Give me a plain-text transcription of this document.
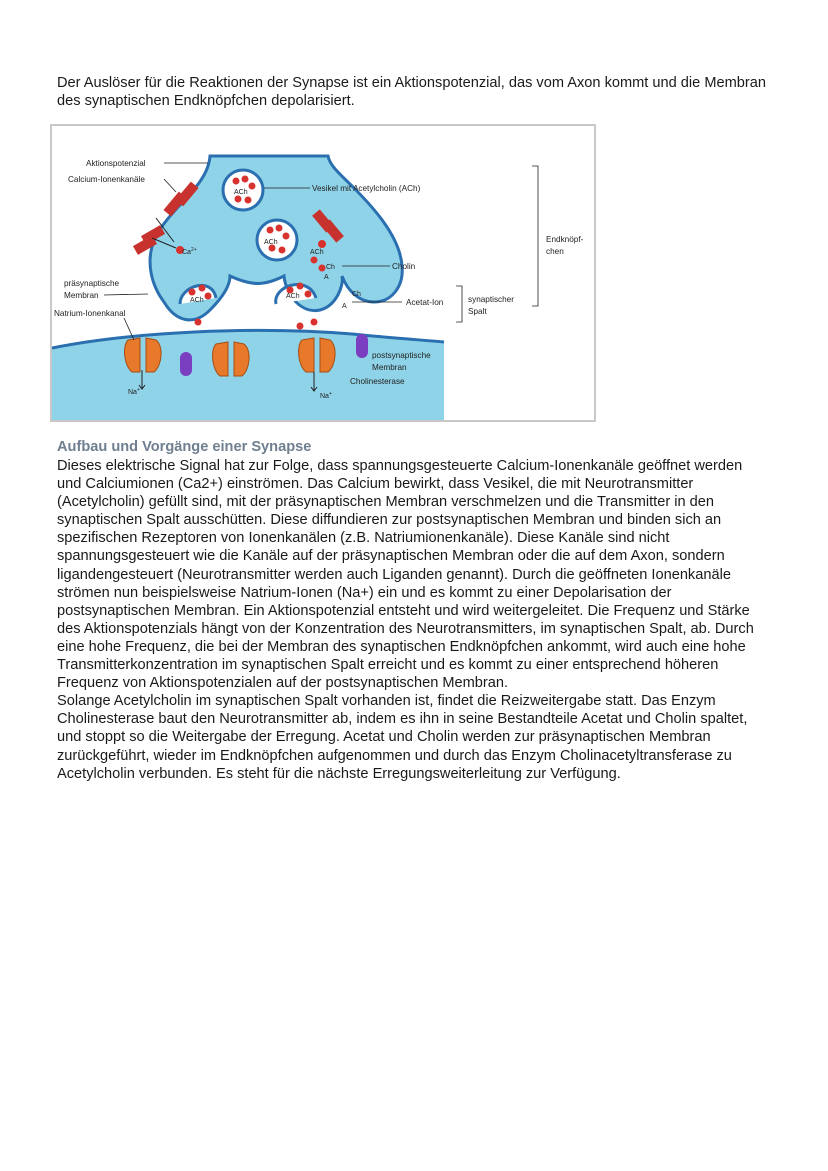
Der Auslöser für die Reaktionen der Synapse ist ein Aktionspotenzial, das vom Axon kommt und die Membran des synaptischen Endknöpfchen depolarisiert.

ACh
ACh
ACh
ACh
ACh
Ch
A
Ch
A
$Ca^{2+}$
Na+
Na+
Aktionspotenzial
Calcium-Ionenkanäle
Vesikel mit Acetylcholin (ACh)
Endknöpf-
chen
Cholin
präsynaptische
Membran
Acetat-Ion	synaptischer
Spalt
Natrium-Ionenkanal
postsynaptische
Membran
Cholinesterase
Aufbau und Vorgänge einer Synapse

Dieses elektrische Signal hat zur Folge, dass spannungsgesteuerte Calcium-Ionenkanäle geöffnet werden und Calciumionen (Ca2+) einströmen. Das Calcium bewirkt, dass Vesikel, die mit Neurotransmitter (Acetylcholin) gefüllt sind, mit der präsynaptischen Membran verschmelzen und die Transmitter in den synaptischen Spalt ausschütten. Diese diffundieren zur postsynaptischen Membran und binden sich an spezifischen Rezeptoren von Ionenkanälen (z.B. Natriumionenkanäle). Diese Kanäle sind nicht spannungsgesteuert wie die Kanäle auf der präsynaptischen Membran oder die auf dem Axon, sondern ligandengesteuert (Neurotransmitter werden auch Liganden genannt). Durch die geöffneten Ionenkanäle strömen nun beispielsweise Natrium-Ionen (Na+) ein und es kommt zu einer Depolarisation der postsynaptischen Membran. Ein Aktionspotenzial entsteht und wird weitergeleitet. Die Frequenz und Stärke des Aktionspotenzials hängt von der Konzentration des Neurotransmitters, im synaptischen Spalt, ab. Durch eine hohe Frequenz, die bei der Membran des synaptischen Endknöpfchen ankommt, wird auch eine hohe Transmitterkonzentration im synaptischen Spalt erreicht und es kommt zu einer entsprechend höheren Frequenz von Aktionspotenzialen auf der postsynaptischen Membran.

Solange Acetylcholin im synaptischen Spalt vorhanden ist, findet die Reizweitergabe statt. Das Enzym Cholinesterase baut den Neurotransmitter ab, indem es ihn in seine Bestandteile Acetat und Cholin spaltet, und stoppt so die Weitergabe der Erregung. Acetat und Cholin werden zur präsynaptischen Membran zurückgeführt, wieder im Endknöpfchen aufgenommen und durch das Enzym Cholinacetyltransferase zu Acetylcholin verbunden. Es steht für die nächste Erregungsweiterleitung zur Verfügung.
